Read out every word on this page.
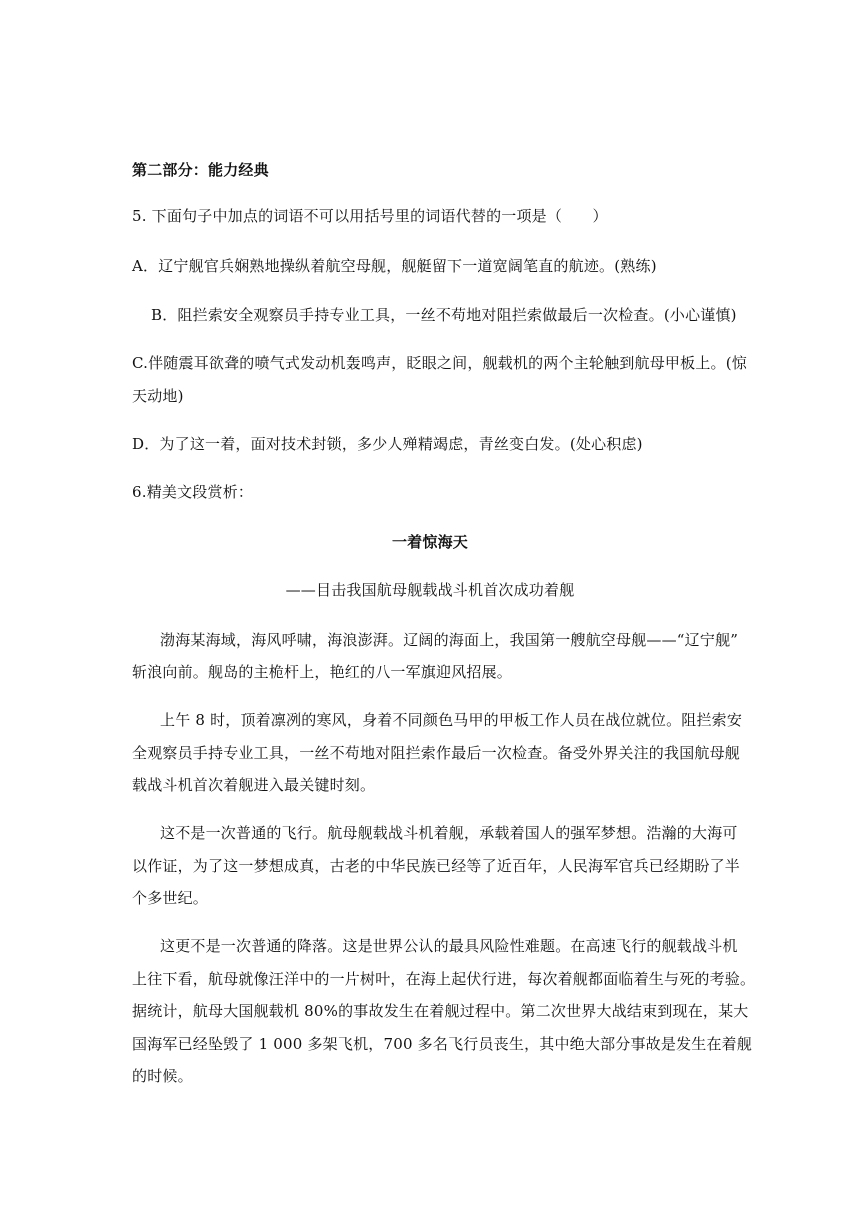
第二部分：能力经典
5. 下面句子中加点的词语不可以用括号里的词语代替的一项是（　　）
A．辽宁舰官兵娴熟地操纵着航空母舰，舰艇留下一道宽阔笔直的航迹。(熟练)
B．阻拦索安全观察员手持专业工具，一丝不苟地对阻拦索做最后一次检查。(小心谨慎)
C.伴随震耳欲聋的喷气式发动机轰鸣声，眨眼之间，舰载机的两个主轮触到航母甲板上。(惊
天动地)
D．为了这一着，面对技术封锁，多少人殚精竭虑，青丝变白发。(处心积虑)
6.精美文段赏析：
一着惊海天
——目击我国航母舰载战斗机首次成功着舰
渤海某海域，海风呼啸，海浪澎湃。辽阔的海面上，我国第一艘航空母舰——“辽宁舰”
斩浪向前。舰岛的主桅杆上，艳红的八一军旗迎风招展。
上午 8 时，顶着凛冽的寒风，身着不同颜色马甲的甲板工作人员在战位就位。阻拦索安
全观察员手持专业工具，一丝不苟地对阻拦索作最后一次检查。备受外界关注的我国航母舰
载战斗机首次着舰进入最关键时刻。
这不是一次普通的飞行。航母舰载战斗机着舰，承载着国人的强军梦想。浩瀚的大海可
以作证，为了这一梦想成真，古老的中华民族已经等了近百年，人民海军官兵已经期盼了半
个多世纪。
这更不是一次普通的降落。这是世界公认的最具风险性难题。在高速飞行的舰载战斗机
上往下看，航母就像汪洋中的一片树叶，在海上起伏行进，每次着舰都面临着生与死的考验。
据统计，航母大国舰载机 80%的事故发生在着舰过程中。第二次世界大战结束到现在，某大
国海军已经坠毁了 1 000 多架飞机，700 多名飞行员丧生，其中绝大部分事故是发生在着舰
的时候。
